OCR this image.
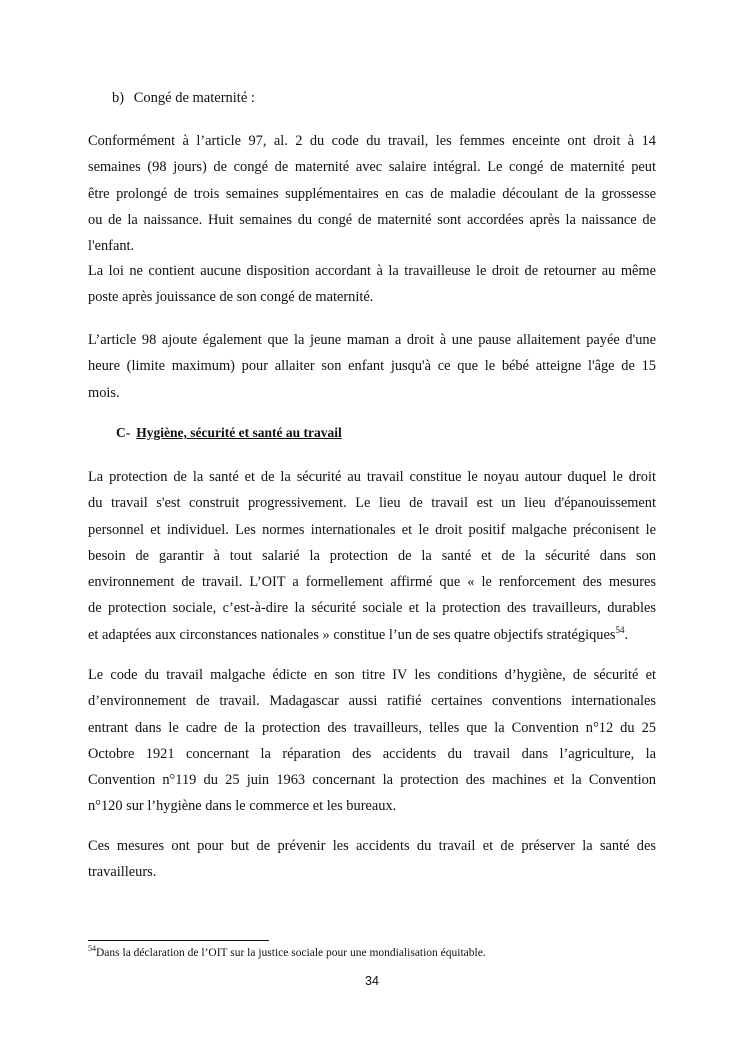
b) Congé de maternité :

Conformément à l’article 97, al. 2 du code du travail, les femmes enceinte ont droit à 14
semaines (98 jours) de congé de maternité avec salaire intégral. Le congé de maternité peut
être prolongé de trois semaines supplémentaires en cas de maladie découlant de la grossesse
ou de la naissance. Huit semaines du congé de maternité sont accordées après la naissance de
l'enfant.

La loi ne contient aucune disposition accordant à la travailleuse le droit de retourner au même
poste après jouissance de son congé de maternité.

L’article 98 ajoute également que la jeune maman a droit à une pause allaitement payée d'une
heure (limite maximum) pour allaiter son enfant jusqu'à ce que le bébé atteigne l'âge de 15
mois.

C- Hygiène, sécurité et santé au travail

La protection de la santé et de la sécurité au travail constitue le noyau autour duquel le droit
du travail s'est construit progressivement. Le lieu de travail est un lieu d'épanouissement
personnel et individuel. Les normes internationales et le droit positif malgache préconisent le
besoin de garantir à tout salarié la protection de la santé et de la sécurité dans son
environnement de travail. L’OIT a formellement affirmé que « le renforcement des mesures
de protection sociale, c’est-à-dire la sécurité sociale et la protection des travailleurs, durables
et adaptées aux circonstances nationales » constitue l’un de ses quatre objectifs stratégiques$^{54}$.

Le code du travail malgache édicte en son titre IV les conditions d’hygiène, de sécurité et
d’environnement de travail. Madagascar aussi ratifié certaines conventions internationales
entrant dans le cadre de la protection des travailleurs, telles que la Convention n°12 du 25
Octobre 1921 concernant la réparation des accidents du travail dans l’agriculture, la
Convention n°119 du 25 juin 1963 concernant la protection des machines et la Convention
n°120 sur l’hygiène dans le commerce et les bureaux.

Ces mesures ont pour but de prévenir les accidents du travail et de préserver la santé des
travailleurs.

$^{54}$Dans la déclaration de l’OIT sur la justice sociale pour une mondialisation équitable.
34
